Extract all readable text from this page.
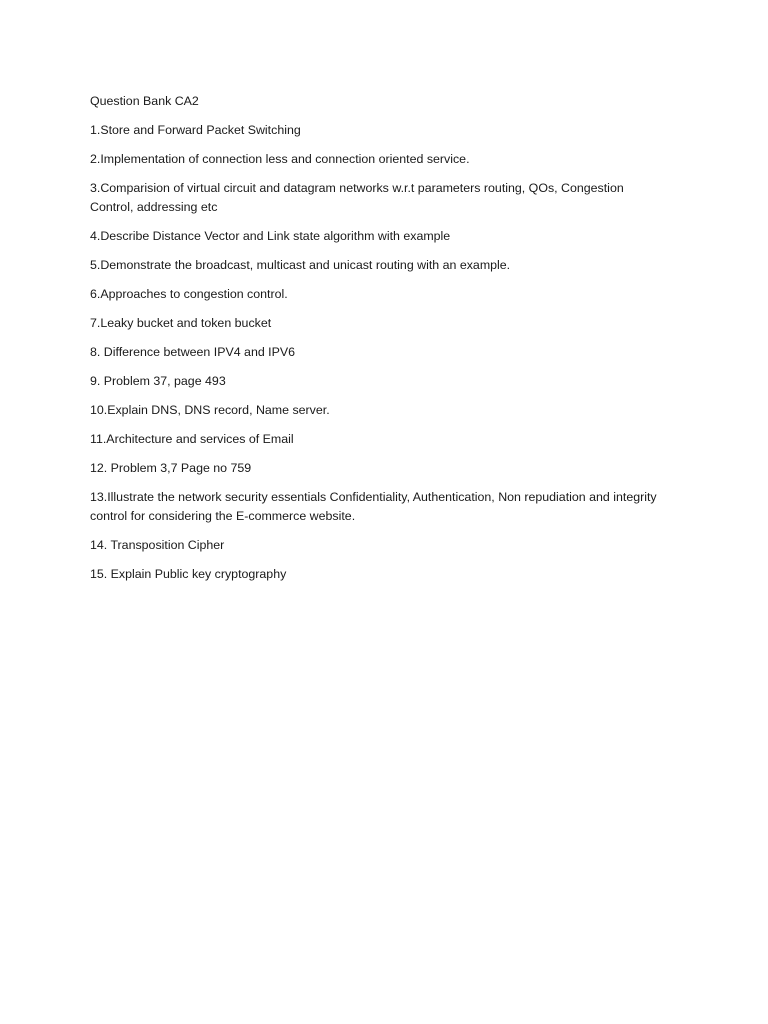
Question Bank CA2
1.Store and Forward Packet Switching
2.Implementation of connection less and connection oriented service.
3.Comparision of virtual circuit and datagram networks w.r.t parameters routing, QOs, Congestion Control, addressing etc
4.Describe Distance Vector and Link state algorithm with example
5.Demonstrate the broadcast, multicast and unicast routing with an example.
6.Approaches to congestion control.
7.Leaky bucket and token bucket
8. Difference between IPV4 and IPV6
9. Problem 37, page 493
10.Explain DNS, DNS record, Name server.
11.Architecture and services of Email
12. Problem 3,7 Page no 759
13.Illustrate the network security essentials Confidentiality, Authentication, Non repudiation and integrity control for considering the E-commerce website.
14. Transposition Cipher
15. Explain Public key cryptography
